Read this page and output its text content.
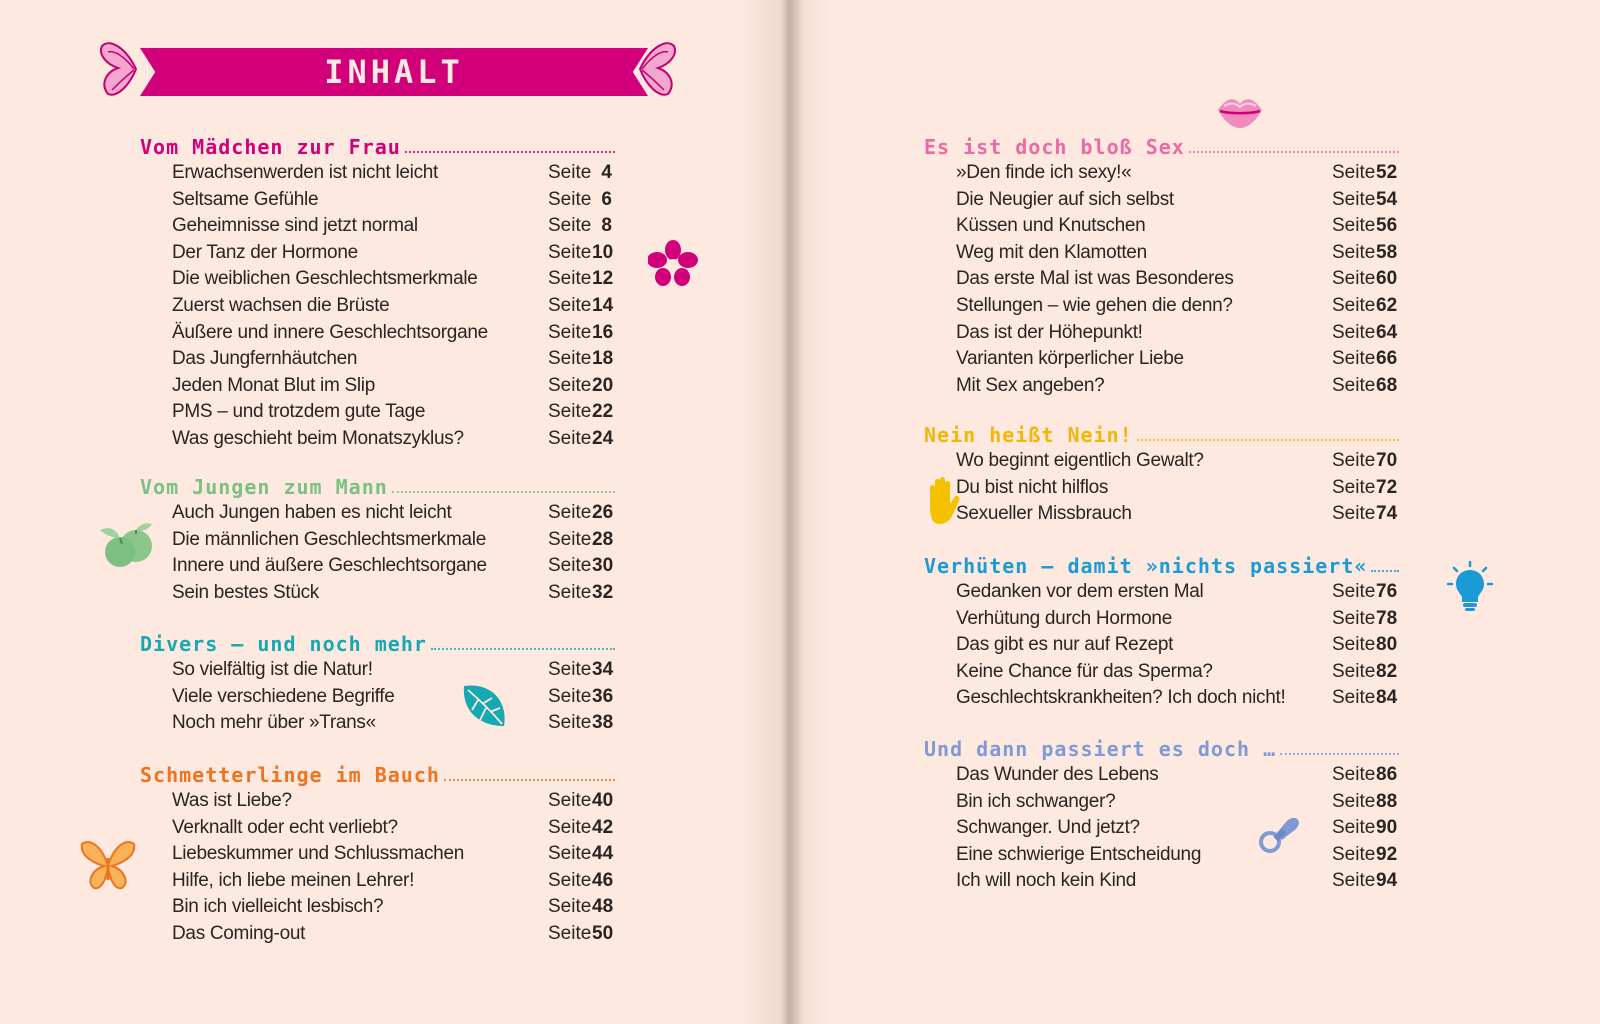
INHALT
Vom Mädchen zur Frau
Erwachsenwerden ist nicht leicht	Seite 4
Seltsame Gefühle	Seite 6
Geheimnisse sind jetzt normal	Seite 8
Der Tanz der Hormone	Seite 10
Die weiblichen Geschlechtsmerkmale	Seite 12
Zuerst wachsen die Brüste	Seite 14
Äußere und innere Geschlechtsorgane	Seite 16
Das Jungfernhäutchen	Seite 18
Jeden Monat Blut im Slip	Seite 20
PMS – und trotzdem gute Tage	Seite 22
Was geschieht beim Monatszyklus?	Seite 24
Vom Jungen zum Mann
Auch Jungen haben es nicht leicht	Seite 26
Die männlichen Geschlechtsmerkmale	Seite 28
Innere und äußere Geschlechtsorgane	Seite 30
Sein bestes Stück	Seite 32
Divers – und noch mehr
So vielfältig ist die Natur!	Seite 34
Viele verschiedene Begriffe	Seite 36
Noch mehr über »Trans«	Seite 38
Schmetterlinge im Bauch
Was ist Liebe?	Seite 40
Verknallt oder echt verliebt?	Seite 42
Liebeskummer und Schlussmachen	Seite 44
Hilfe, ich liebe meinen Lehrer!	Seite 46
Bin ich vielleicht lesbisch?	Seite 48
Das Coming-out	Seite 50
Es ist doch bloß Sex
»Den finde ich sexy!«	Seite 52
Die Neugier auf sich selbst	Seite 54
Küssen und Knutschen	Seite 56
Weg mit den Klamotten	Seite 58
Das erste Mal ist was Besonderes	Seite 60
Stellungen – wie gehen die denn?	Seite 62
Das ist der Höhepunkt!	Seite 64
Varianten körperlicher Liebe	Seite 66
Mit Sex angeben?	Seite 68
Nein heißt Nein!
Wo beginnt eigentlich Gewalt?	Seite 70
Du bist nicht hilflos	Seite 72
Sexueller Missbrauch	Seite 74
Verhüten – damit »nichts passiert«
Gedanken vor dem ersten Mal	Seite 76
Verhütung durch Hormone	Seite 78
Das gibt es nur auf Rezept	Seite 80
Keine Chance für das Sperma?	Seite 82
Geschlechtskrankheiten? Ich doch nicht! Seite 84
Und dann passiert es doch …
Das Wunder des Lebens	Seite 86
Bin ich schwanger?	Seite 88
Schwanger. Und jetzt?	Seite 90
Eine schwierige Entscheidung	Seite 92
Ich will noch kein Kind	Seite 94
